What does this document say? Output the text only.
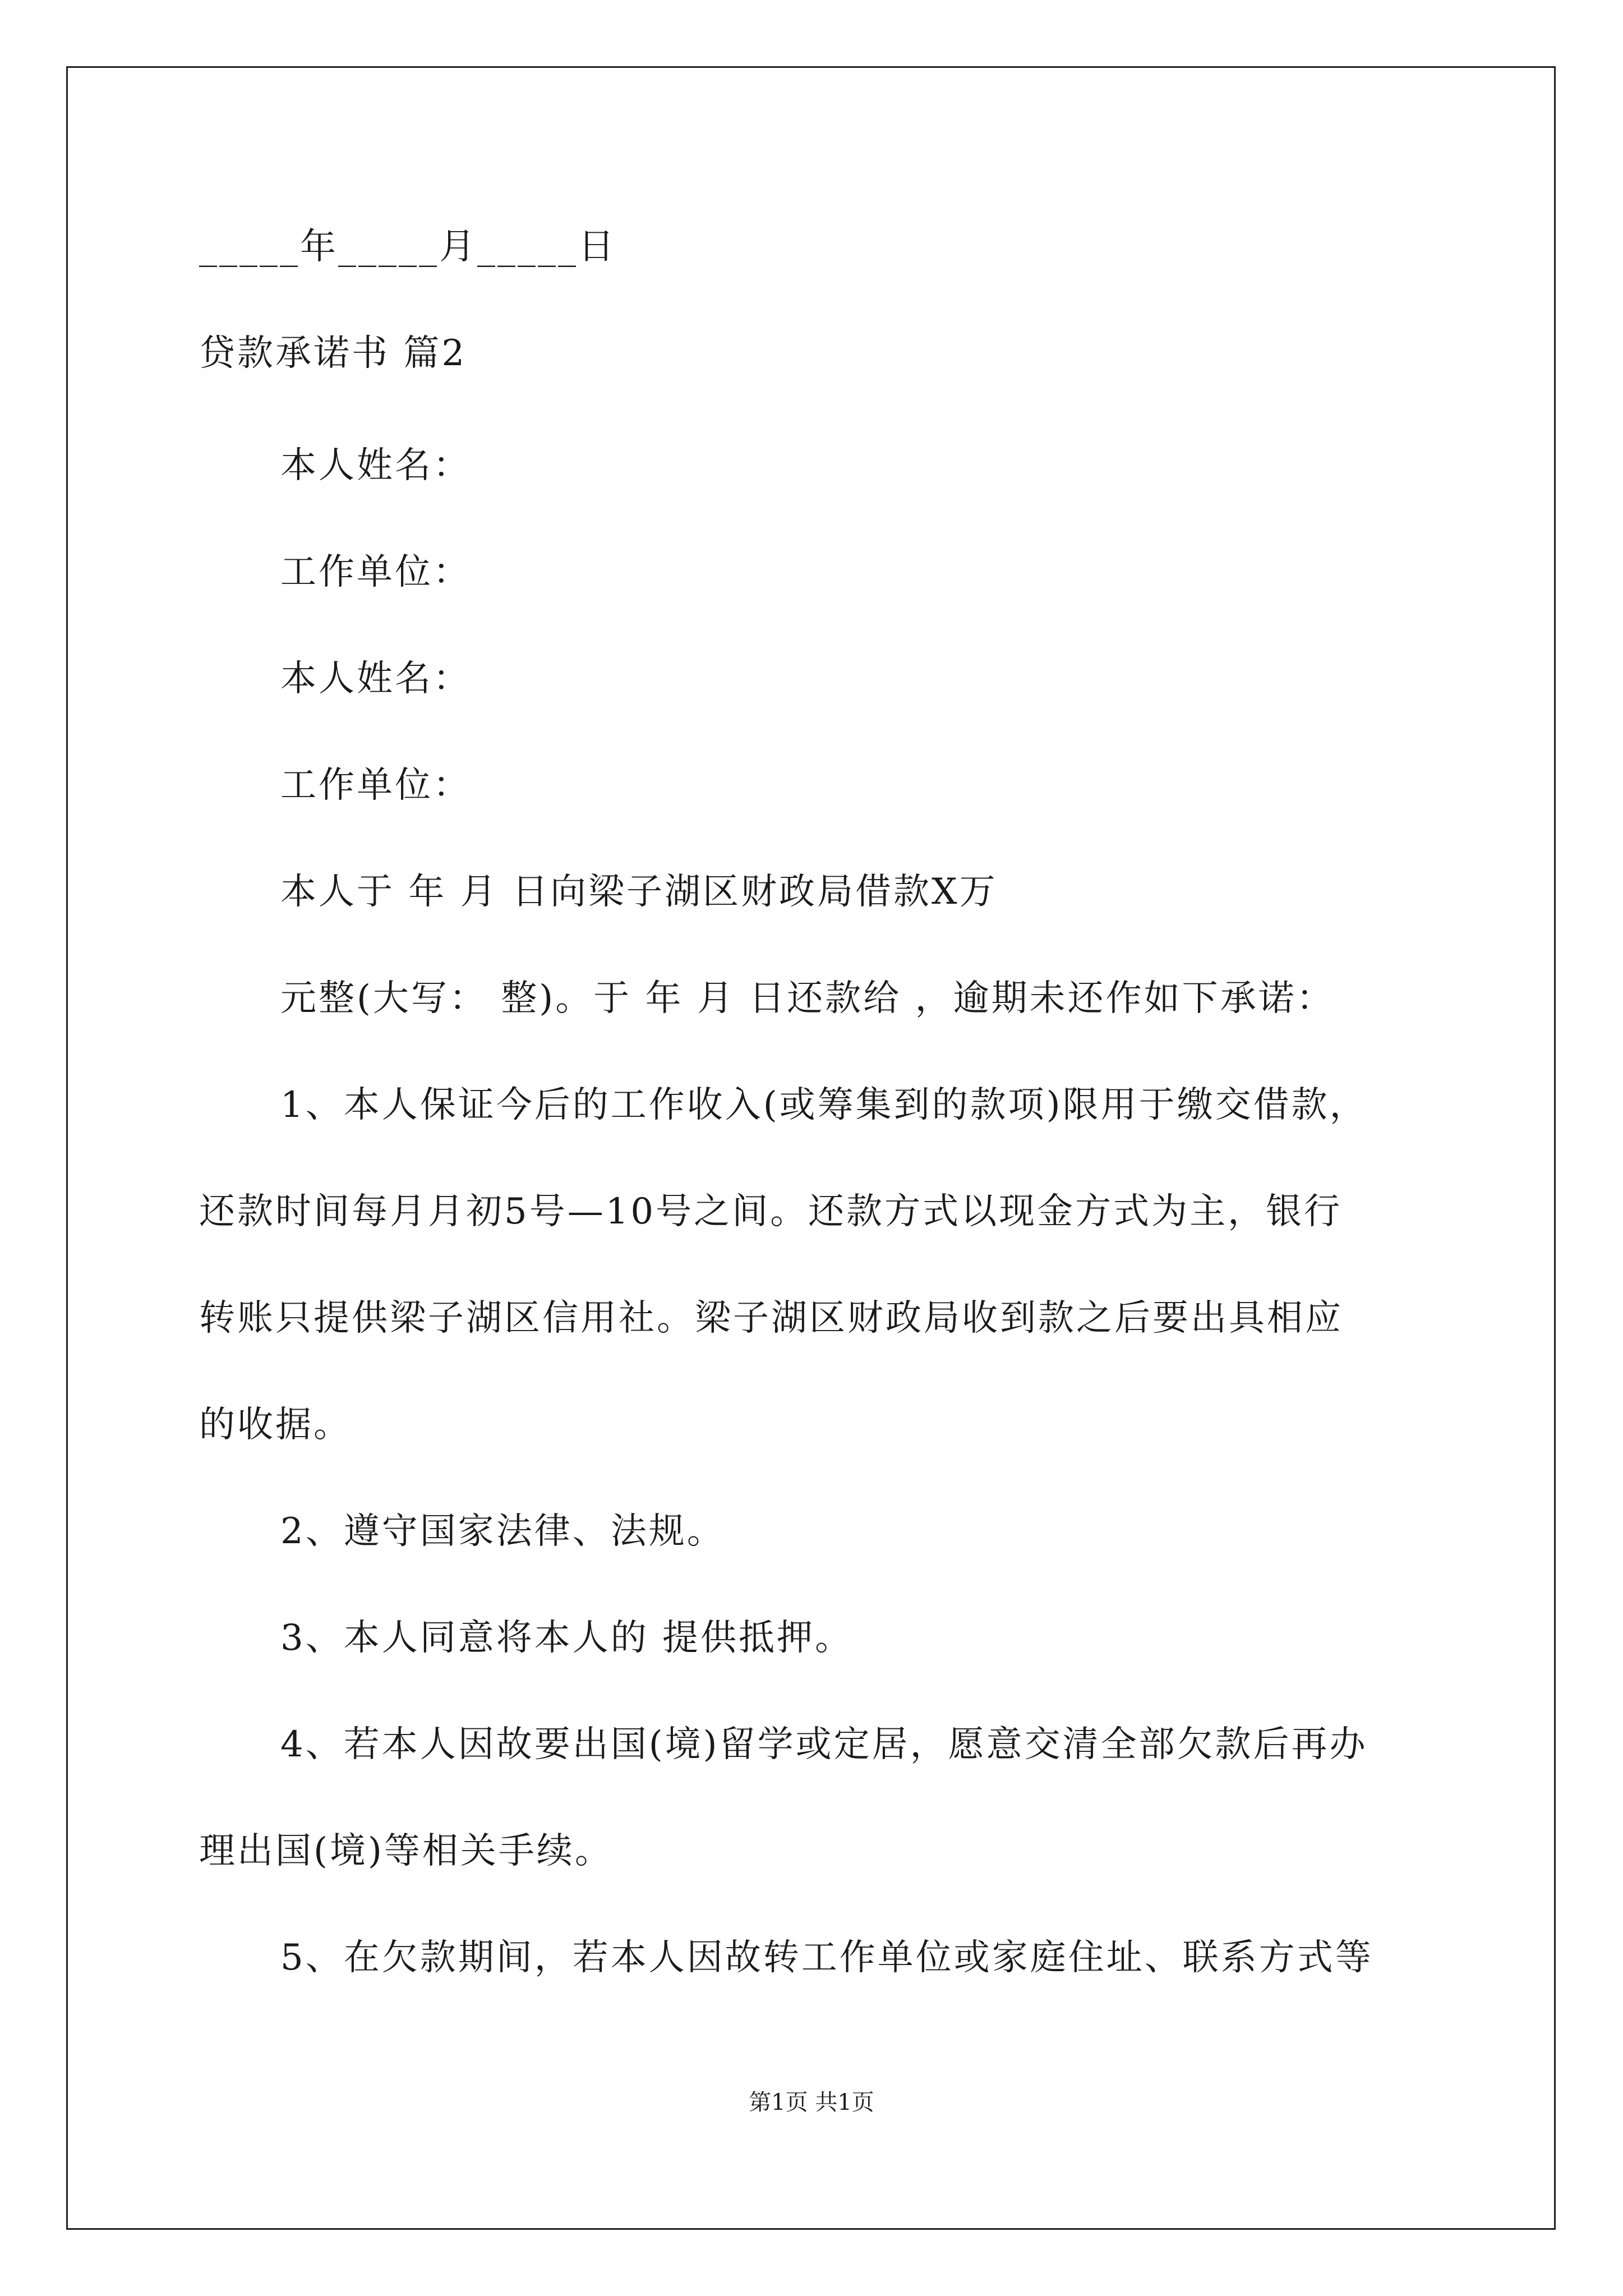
_____年_____月_____日
贷款承诺书 篇2
本人姓名：
工作单位：
本人姓名：
工作单位：
本人于 年 月 日向梁子湖区财政局借款X万
元整(大写： 整)。于 年 月 日还款给 ，逾期未还作如下承诺：
1、本人保证今后的工作收入(或筹集到的款项)限用于缴交借款，
还款时间每月月初5号—10号之间。还款方式以现金方式为主，银行
转账只提供梁子湖区信用社。梁子湖区财政局收到款之后要出具相应
的收据。
2、遵守国家法律、法规。
3、本人同意将本人的 提供抵押。
4、若本人因故要出国(境)留学或定居，愿意交清全部欠款后再办
理出国(境)等相关手续。
5、在欠款期间，若本人因故转工作单位或家庭住址、联系方式等
第1页 共1页
